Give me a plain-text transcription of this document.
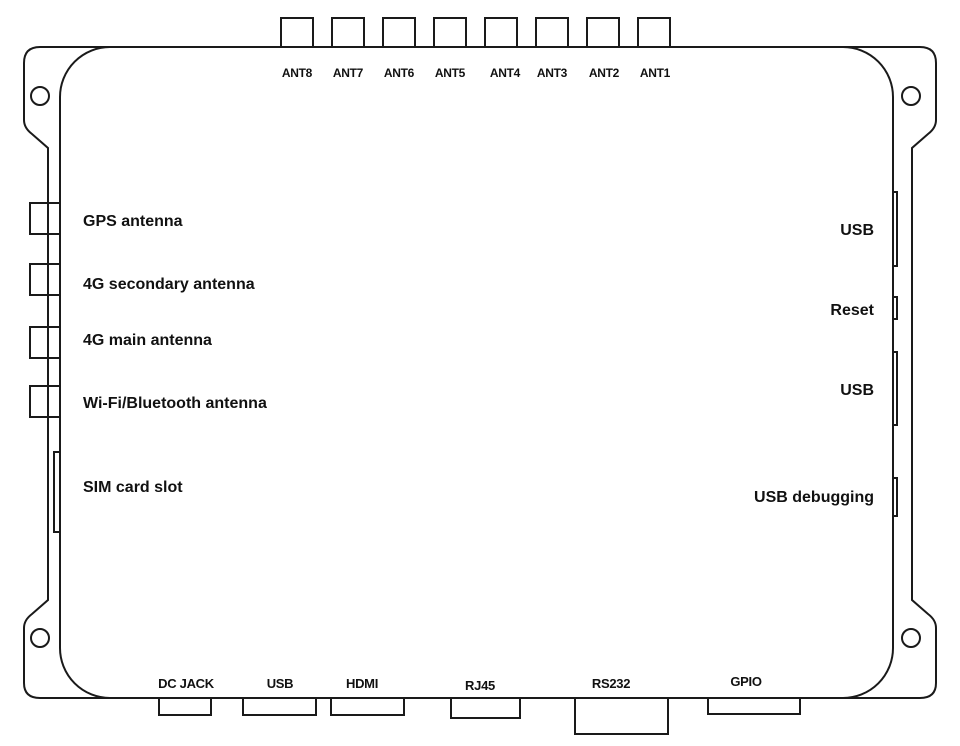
ANT8	ANT7	ANT6	ANT5	ANT4	ANT3	ANT2	ANT1
GPS antenna
4G secondary antenna
4G main antenna
Wi-Fi/Bluetooth antenna
SIM card slot
USB
Reset
USB
USB debugging
DC JACK	USB	HDMI	RJ45	RS232	GPIO
